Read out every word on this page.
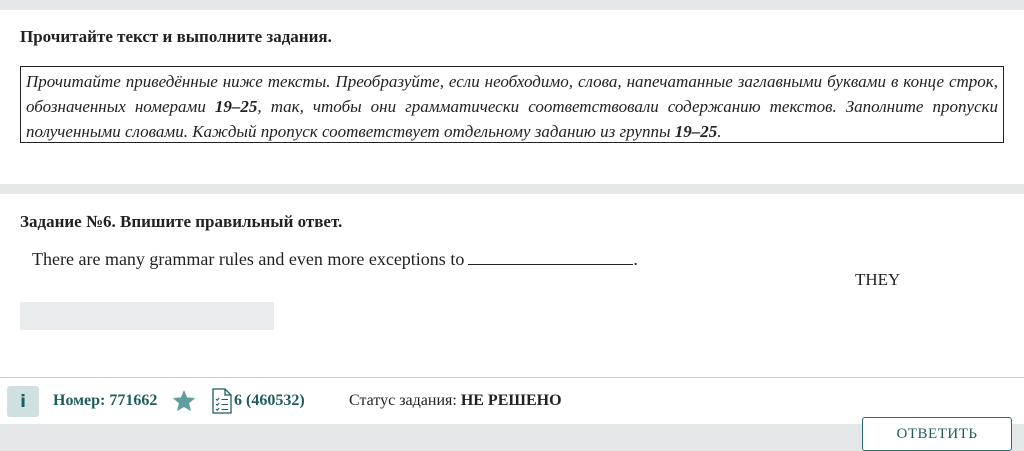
Прочитайте текст и выполните задания.
Прочитайте приведённые ниже тексты. Преобразуйте, если необходимо, слова, напечатанные заглавными буквами в конце строк, обозначенных номерами 19–25, так, чтобы они грамматически соответствовали содержанию текстов. Заполните пропуски полученными словами. Каждый пропуск соответствует отдельному заданию из группы 19–25.
Задание №6. Впишите правильный ответ.
There are many grammar rules and even more exceptions to	.
THEY
i	Номер: 771662	6 (460532)	Статус задания: НЕ РЕШЕНО
ОТВЕТИТЬ
